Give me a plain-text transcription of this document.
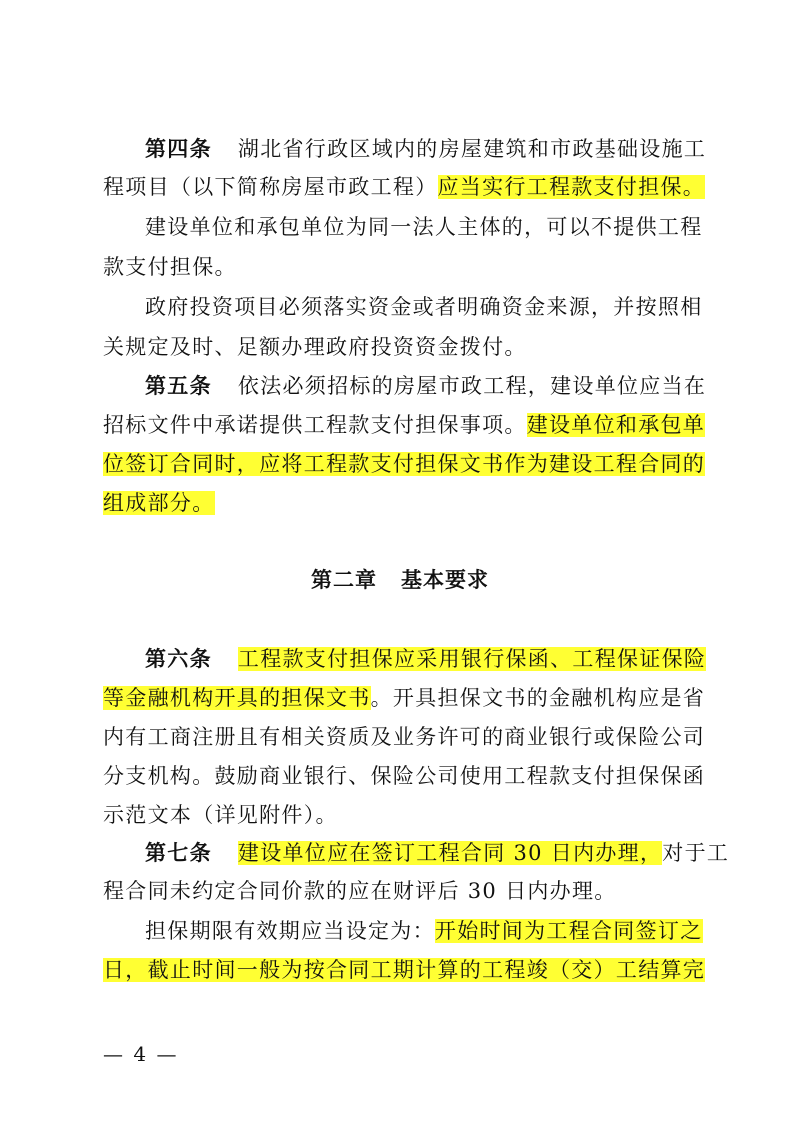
第四条 湖北省行政区域内的房屋建筑和市政基础设施工
程项目（以下简称房屋市政工程）应当实行工程款支付担保。
建设单位和承包单位为同一法人主体的，可以不提供工程
款支付担保。
政府投资项目必须落实资金或者明确资金来源，并按照相
关规定及时、足额办理政府投资资金拨付。
第五条 依法必须招标的房屋市政工程，建设单位应当在
招标文件中承诺提供工程款支付担保事项。建设单位和承包单
位签订合同时，应将工程款支付担保文书作为建设工程合同的
组成部分。
第二章 基本要求
第六条 工程款支付担保应采用银行保函、工程保证保险
等金融机构开具的担保文书。开具担保文书的金融机构应是省
内有工商注册且有相关资质及业务许可的商业银行或保险公司
分支机构。鼓励商业银行、保险公司使用工程款支付担保保函
示范文本（详见附件）。
第七条 建设单位应在签订工程合同 30 日内办理，对于工
程合同未约定合同价款的应在财评后 30 日内办理。
担保期限有效期应当设定为：开始时间为工程合同签订之
日，截止时间一般为按合同工期计算的工程竣（交）工结算完
— 4 —
